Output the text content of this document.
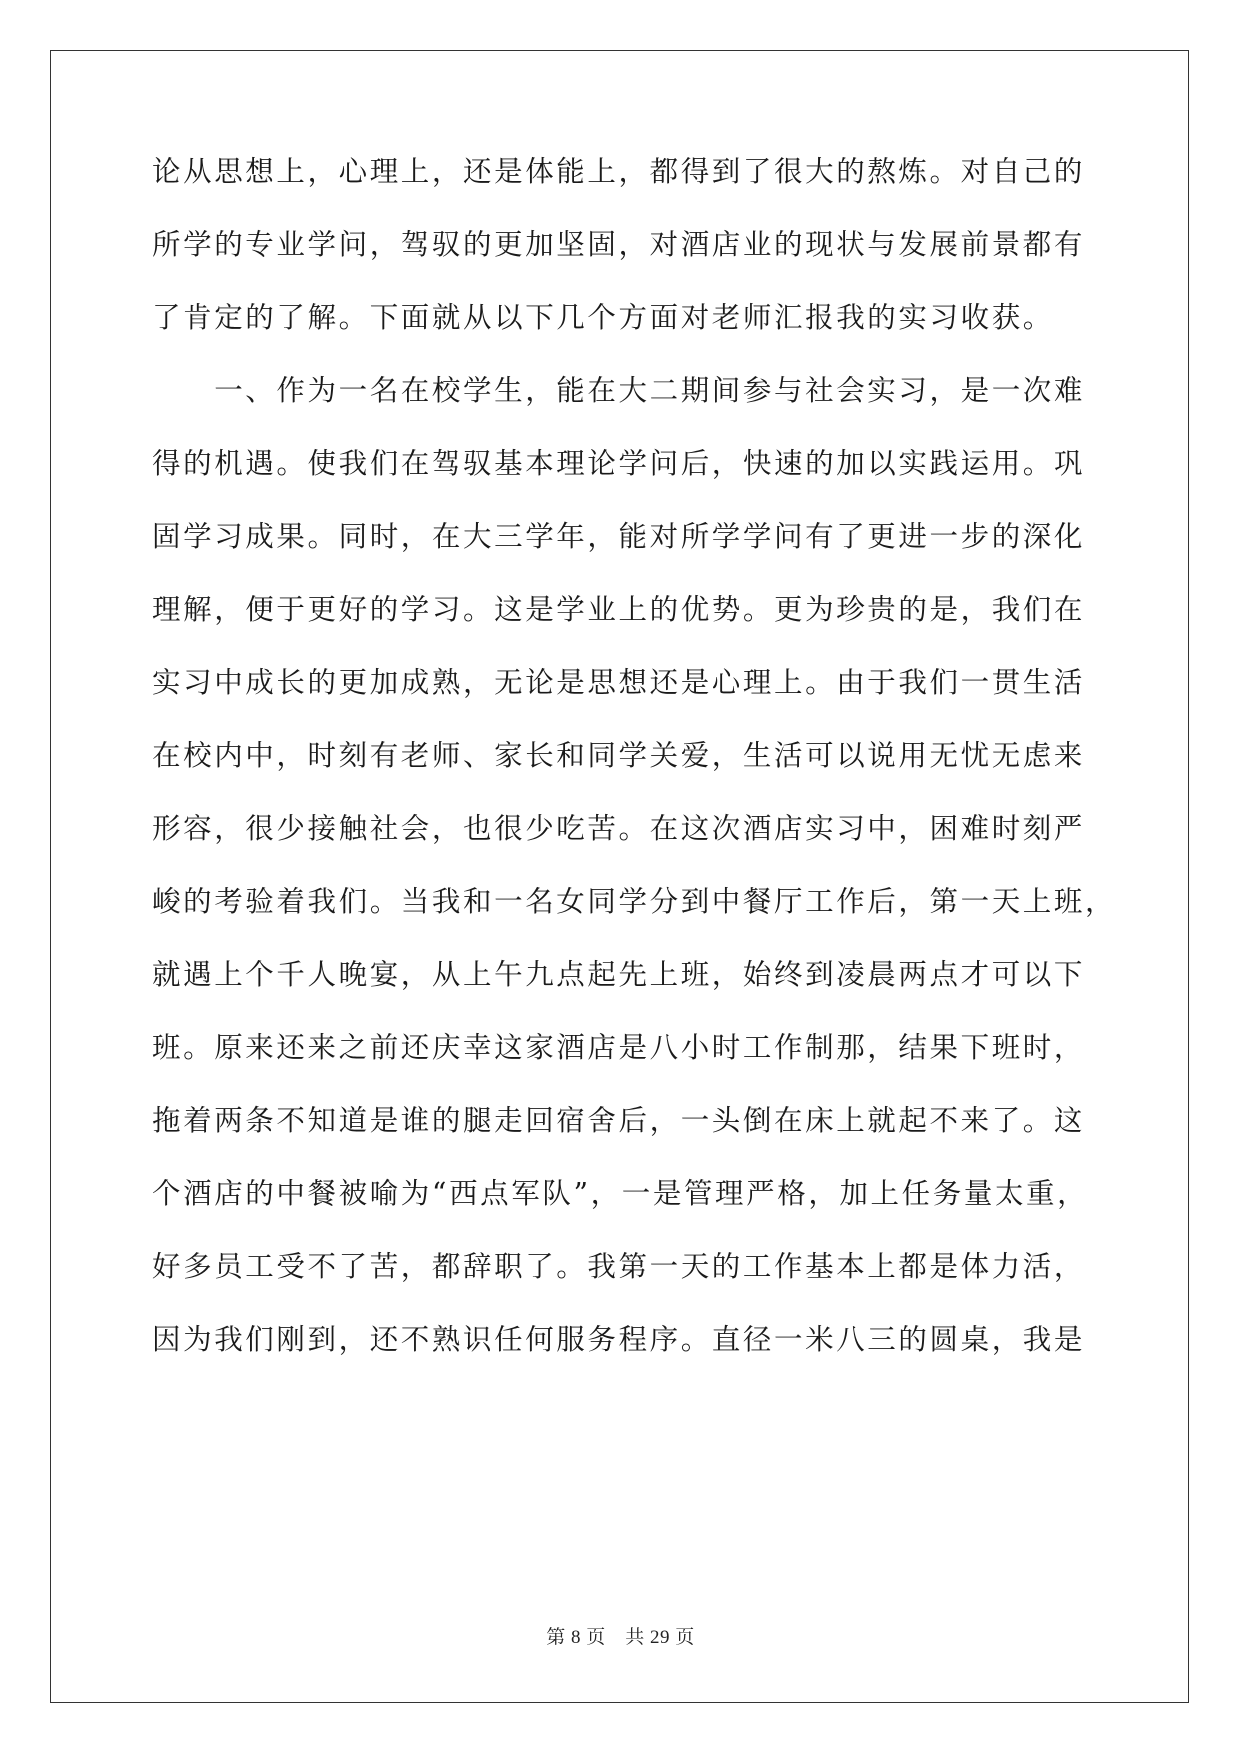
论从思想上，心理上，还是体能上，都得到了很大的熬炼。对自己的
所学的专业学问，驾驭的更加坚固，对酒店业的现状与发展前景都有
了肯定的了解。下面就从以下几个方面对老师汇报我的实习收获。
　　一、作为一名在校学生，能在大二期间参与社会实习，是一次难
得的机遇。使我们在驾驭基本理论学问后，快速的加以实践运用。巩
固学习成果。同时，在大三学年，能对所学学问有了更进一步的深化
理解，便于更好的学习。这是学业上的优势。更为珍贵的是，我们在
实习中成长的更加成熟，无论是思想还是心理上。由于我们一贯生活
在校内中，时刻有老师、家长和同学关爱，生活可以说用无忧无虑来
形容，很少接触社会，也很少吃苦。在这次酒店实习中，困难时刻严
峻的考验着我们。当我和一名女同学分到中餐厅工作后，第一天上班，
就遇上个千人晚宴，从上午九点起先上班，始终到凌晨两点才可以下
班。原来还来之前还庆幸这家酒店是八小时工作制那，结果下班时，
拖着两条不知道是谁的腿走回宿舍后，一头倒在床上就起不来了。这
个酒店的中餐被喻为“西点军队”，一是管理严格，加上任务量太重，
好多员工受不了苦，都辞职了。我第一天的工作基本上都是体力活，
因为我们刚到，还不熟识任何服务程序。直径一米八三的圆桌，我是
第 8 页　共 29 页
